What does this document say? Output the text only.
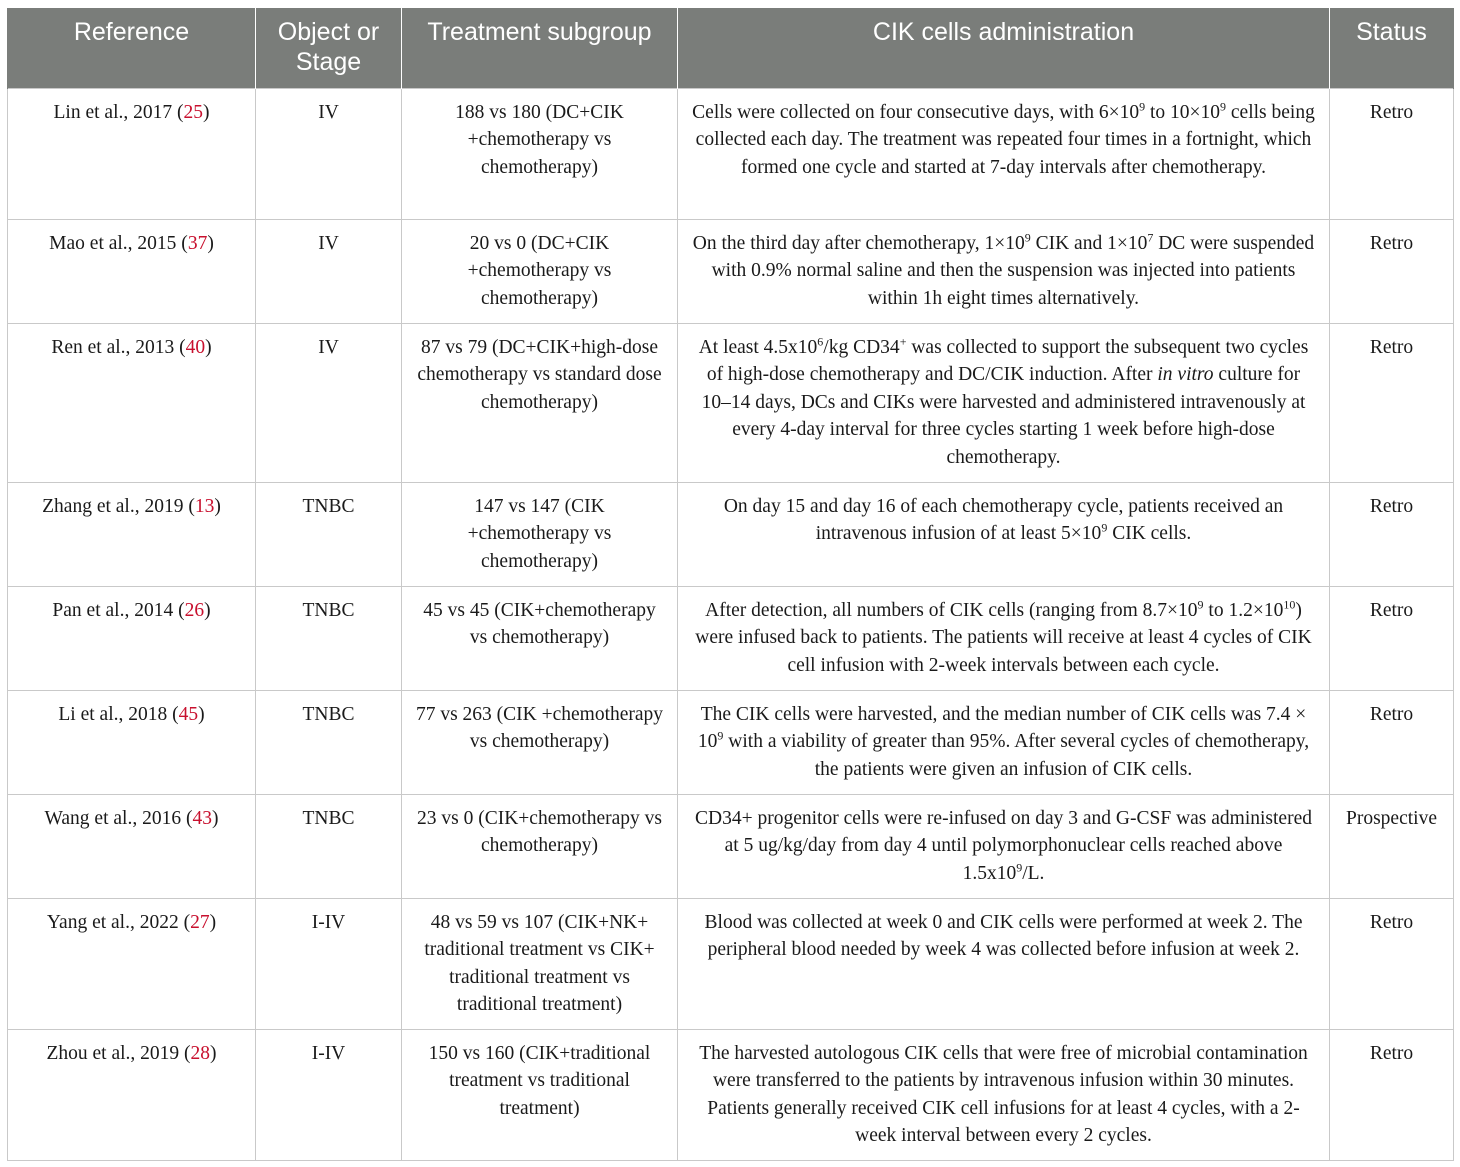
Reference	Object or Stage	Treatment subgroup	CIK cells administration	Status
Lin et al., 2017 (25)	IV	188 vs 180 (DC+CIK +chemotherapy vs chemotherapy)	Cells were collected on four consecutive days, with $6\times 10^9$ to $10\times 10^9$ cells being collected each day. The treatment was repeated four times in a fortnight, which formed one cycle and started at 7-day intervals after chemotherapy.	Retro
Mao et al., 2015 (37)	IV	20 vs 0 (DC+CIK +chemotherapy vs chemotherapy)	On the third day after chemotherapy, $1\times 10^9$ CIK and $1\times 10^7$ DC were suspended with 0.9% normal saline and then the suspension was injected into patients within 1h eight times alternatively.	Retro
Ren et al., 2013 (40)	IV	87 vs 79 (DC+CIK+high-dose chemotherapy vs standard dose chemotherapy)	At least $4.5x10^6/kg$ CD34+ was collected to support the subsequent two cycles of high-dose chemotherapy and DC/CIK induction. After in vitro culture for 10–14 days, DCs and CIKs were harvested and administered intravenously at every 4-day interval for three cycles starting 1 week before high-dose chemotherapy.	Retro
Zhang et al., 2019 (13)	TNBC	147 vs 147 (CIK +chemotherapy vs chemotherapy)	On day 15 and day 16 of each chemotherapy cycle, patients received an intravenous infusion of at least $5\times 10^9$ CIK cells.	Retro
Pan et al., 2014 (26)	TNBC	45 vs 45 (CIK+chemotherapy vs chemotherapy)	After detection, all numbers of CIK cells (ranging from $8.7\times 10^9$ to $1.2\times 10^{10}$) were infused back to patients. The patients will receive at least 4 cycles of CIK cell infusion with 2-week intervals between each cycle.	Retro
Li et al., 2018 (45)	TNBC	77 vs 263 (CIK +chemotherapy vs chemotherapy)	The CIK cells were harvested, and the median number of CIK cells was $7.4 \times 10^9$ with a viability of greater than 95%. After several cycles of chemotherapy, the patients were given an infusion of CIK cells.	Retro
Wang et al., 2016 (43)	TNBC	23 vs 0 (CIK+chemotherapy vs chemotherapy)	CD34+ progenitor cells were re-infused on day 3 and G-CSF was administered at 5 ug/kg/day from day 4 until polymorphonuclear cells reached above $1.5x10^9/L$.	Prospective
Yang et al., 2022 (27)	I-IV	48 vs 59 vs 107 (CIK+NK+ traditional treatment vs CIK+ traditional treatment vs traditional treatment)	Blood was collected at week 0 and CIK cells were performed at week 2. The peripheral blood needed by week 4 was collected before infusion at week 2.	Retro
Zhou et al., 2019 (28)	I-IV	150 vs 160 (CIK+traditional treatment vs traditional treatment)	The harvested autologous CIK cells that were free of microbial contamination were transferred to the patients by intravenous infusion within 30 minutes. Patients generally received CIK cell infusions for at least 4 cycles, with a 2-week interval between every 2 cycles.	Retro
